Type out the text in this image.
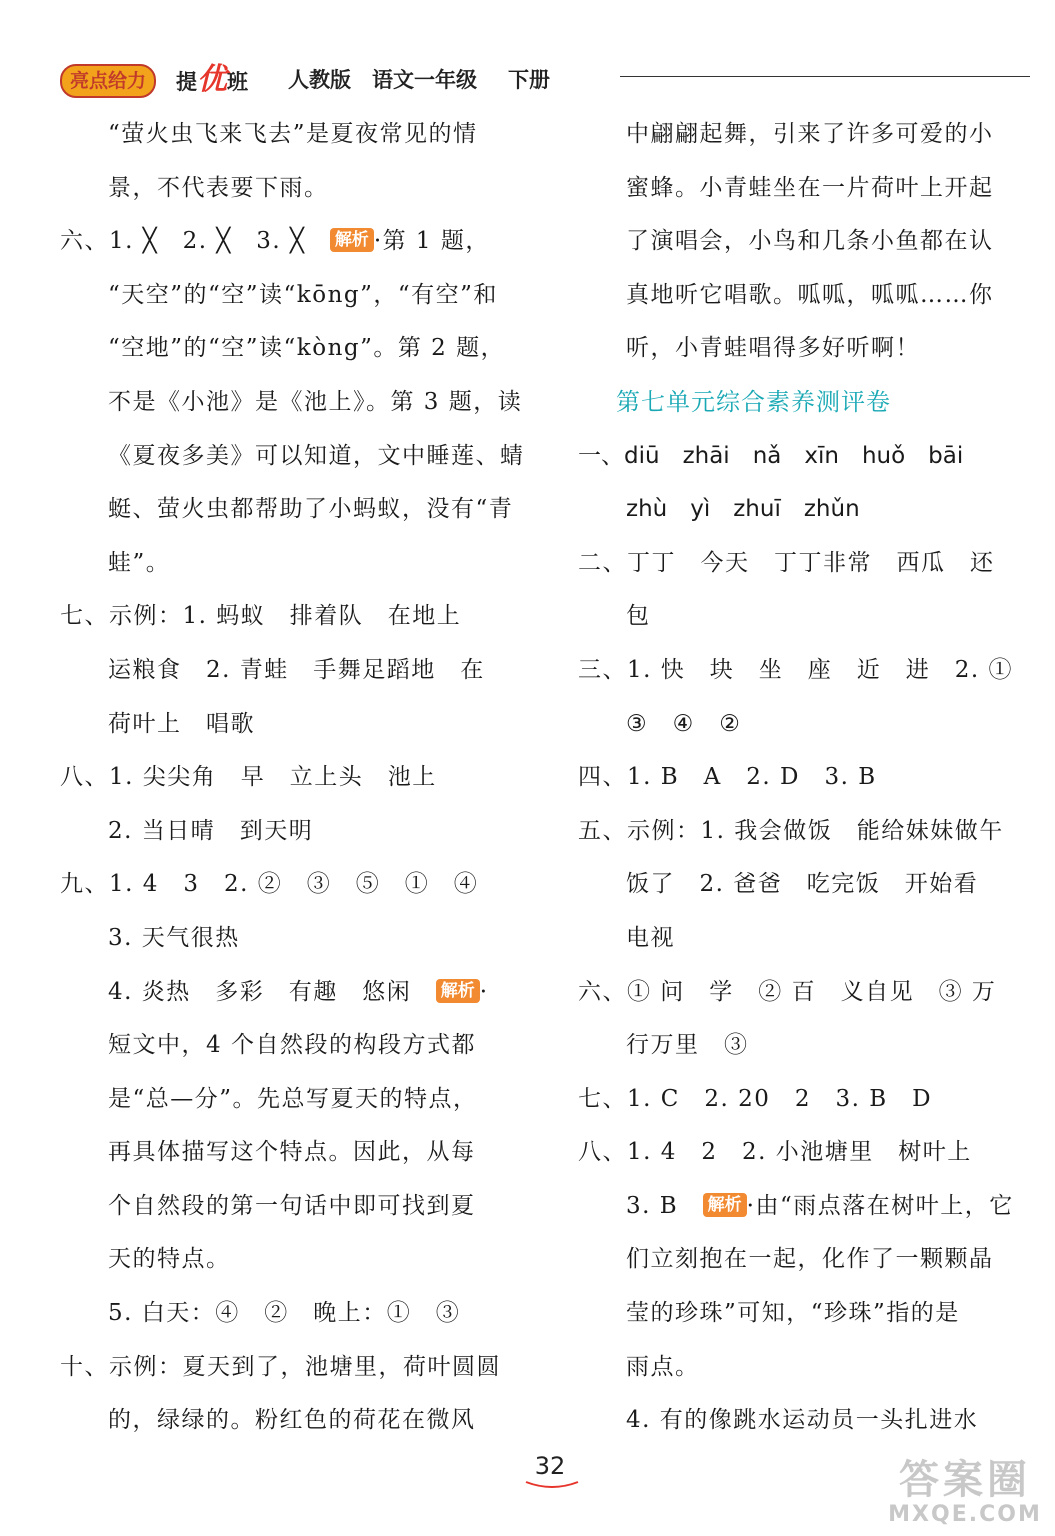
亮点给力	提优班 人教版 语文一年级 下册
“萤火虫飞来飞去”是夏夜常见的情
景，不代表要下雨。
六、1. ╳　2. ╳　3. ╳　 解析 ·第 1 题，
“天空”的“空”读“kōng”，“有空”和
“空地”的“空”读“kòng”。第 2 题，
不是《小池》是《池上》。第 3 题，读
《夏夜多美》可以知道，文中睡莲、蜻
蜓、萤火虫都帮助了小蚂蚁，没有“青
蛙”。
七、示例：1. 蚂蚁　排着队　在地上
运粮食　2. 青蛙　手舞足蹈地　在
荷叶上　唱歌
八、1. 尖尖角　早　立上头　池上
2. 当日晴　到天明
九、1. 4　3　2. ②　③　⑤　①　④
3. 天气很热
4. 炎热　多彩　有趣　悠闲　 解析 ·
短文中，4 个自然段的构段方式都
是“总—分”。先总写夏天的特点，
再具体描写这个特点。因此，从每
个自然段的第一句话中即可找到夏
天的特点。
5. 白天：④　②　晚上：①　③
十、示例：夏天到了，池塘里，荷叶圆圆
的，绿绿的。粉红色的荷花在微风
中翩翩起舞，引来了许多可爱的小
蜜蜂。小青蛙坐在一片荷叶上开起
了演唱会，小鸟和几条小鱼都在认
真地听它唱歌。呱呱，呱呱……你
听，小青蛙唱得多好听啊！
第七单元综合素养测评卷
一、diū　zhāi　nǎ　xīn　huǒ　bāi
zhù　yì　zhuī　zhǔn
二、丁丁　今天　丁丁非常　西瓜　还
包
三、1. 快　块　坐　座　近　进　2. ①
③　④　②
四、1. B　A　2. D　3. B
五、示例：1. 我会做饭　能给妹妹做午
饭了　2. 爸爸　吃完饭　开始看
电视
六、① 问　学　② 百　义自见　③ 万
行万里　③
七、1. C　2. 20　2　3. B　D
八、1. 4　2　2. 小池塘里　树叶上
3. B　 解析 ·由“雨点落在树叶上，它
们立刻抱在一起，化作了一颗颗晶
莹的珍珠”可知，“珍珠”指的是
雨点。
4. 有的像跳水运动员一头扎进水
32	答案圈
MXQE.COM
